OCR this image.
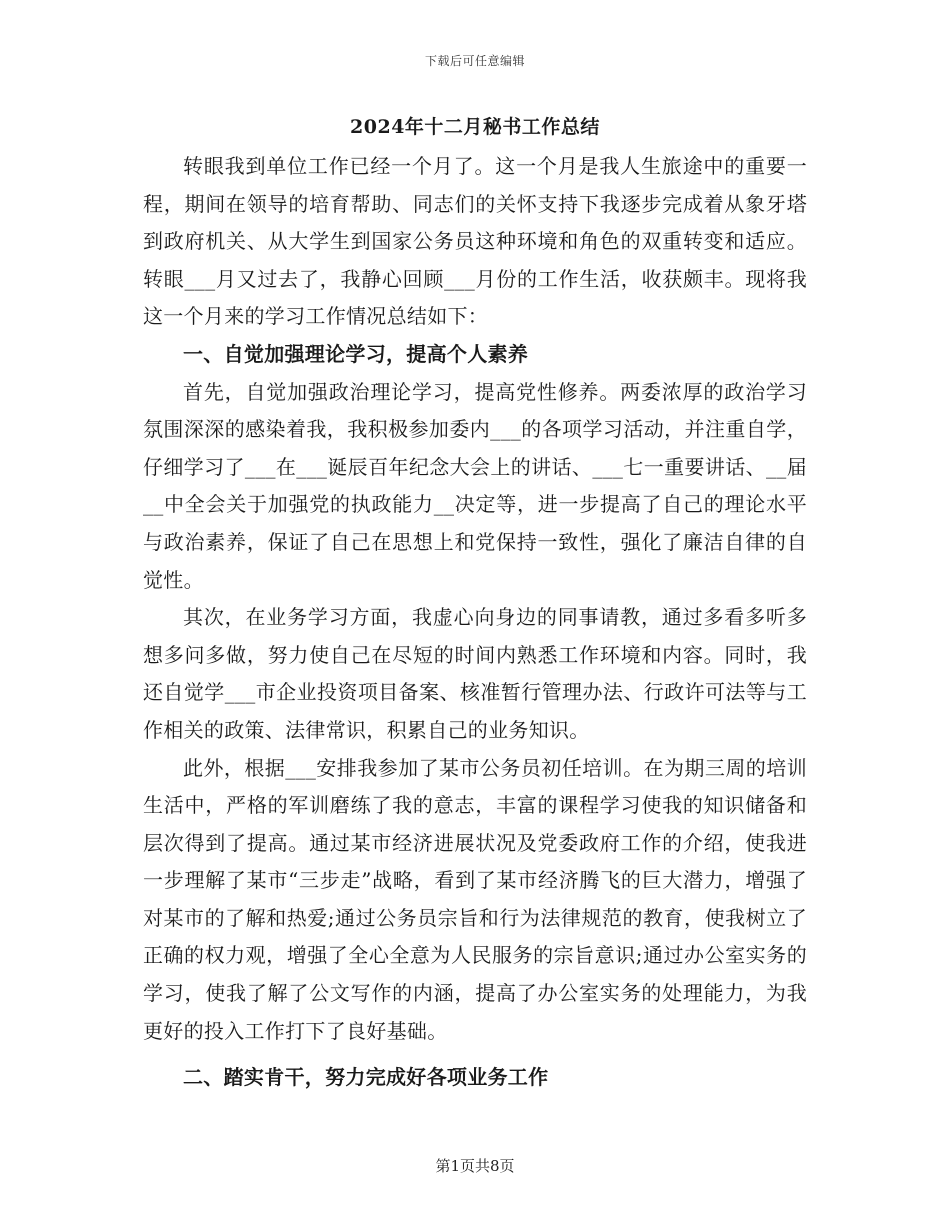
下载后可任意编辑
2024年十二月秘书工作总结

转眼我到单位工作已经一个月了。这一个月是我人生旅途中的重要一程，期间在领导的培育帮助、同志们的关怀支持下我逐步完成着从象牙塔到政府机关、从大学生到国家公务员这种环境和角色的双重转变和适应。转眼___月又过去了，我静心回顾___月份的工作生活，收获颇丰。现将我这一个月来的学习工作情况总结如下：

一、自觉加强理论学习，提高个人素养

首先，自觉加强政治理论学习，提高党性修养。两委浓厚的政治学习氛围深深的感染着我，我积极参加委内___的各项学习活动，并注重自学，仔细学习了___在___诞辰百年纪念大会上的讲话、___七一重要讲话、__届__中全会关于加强党的执政能力__决定等，进一步提高了自己的理论水平与政治素养，保证了自己在思想上和党保持一致性，强化了廉洁自律的自觉性。

其次，在业务学习方面，我虚心向身边的同事请教，通过多看多听多想多问多做，努力使自己在尽短的时间内熟悉工作环境和内容。同时，我还自觉学___市企业投资项目备案、核准暂行管理办法、行政许可法等与工作相关的政策、法律常识，积累自己的业务知识。

此外，根据___安排我参加了某市公务员初任培训。在为期三周的培训生活中，严格的军训磨练了我的意志，丰富的课程学习使我的知识储备和层次得到了提高。通过某市经济进展状况及党委政府工作的介绍，使我进一步理解了某市“三步走”战略，看到了某市经济腾飞的巨大潜力，增强了对某市的了解和热爱;通过公务员宗旨和行为法律规范的教育，使我树立了正确的权力观，增强了全心全意为人民服务的宗旨意识;通过办公室实务的学习，使我了解了公文写作的内涵，提高了办公室实务的处理能力，为我更好的投入工作打下了良好基础。

二、踏实肯干，努力完成好各项业务工作

第1页共8页
